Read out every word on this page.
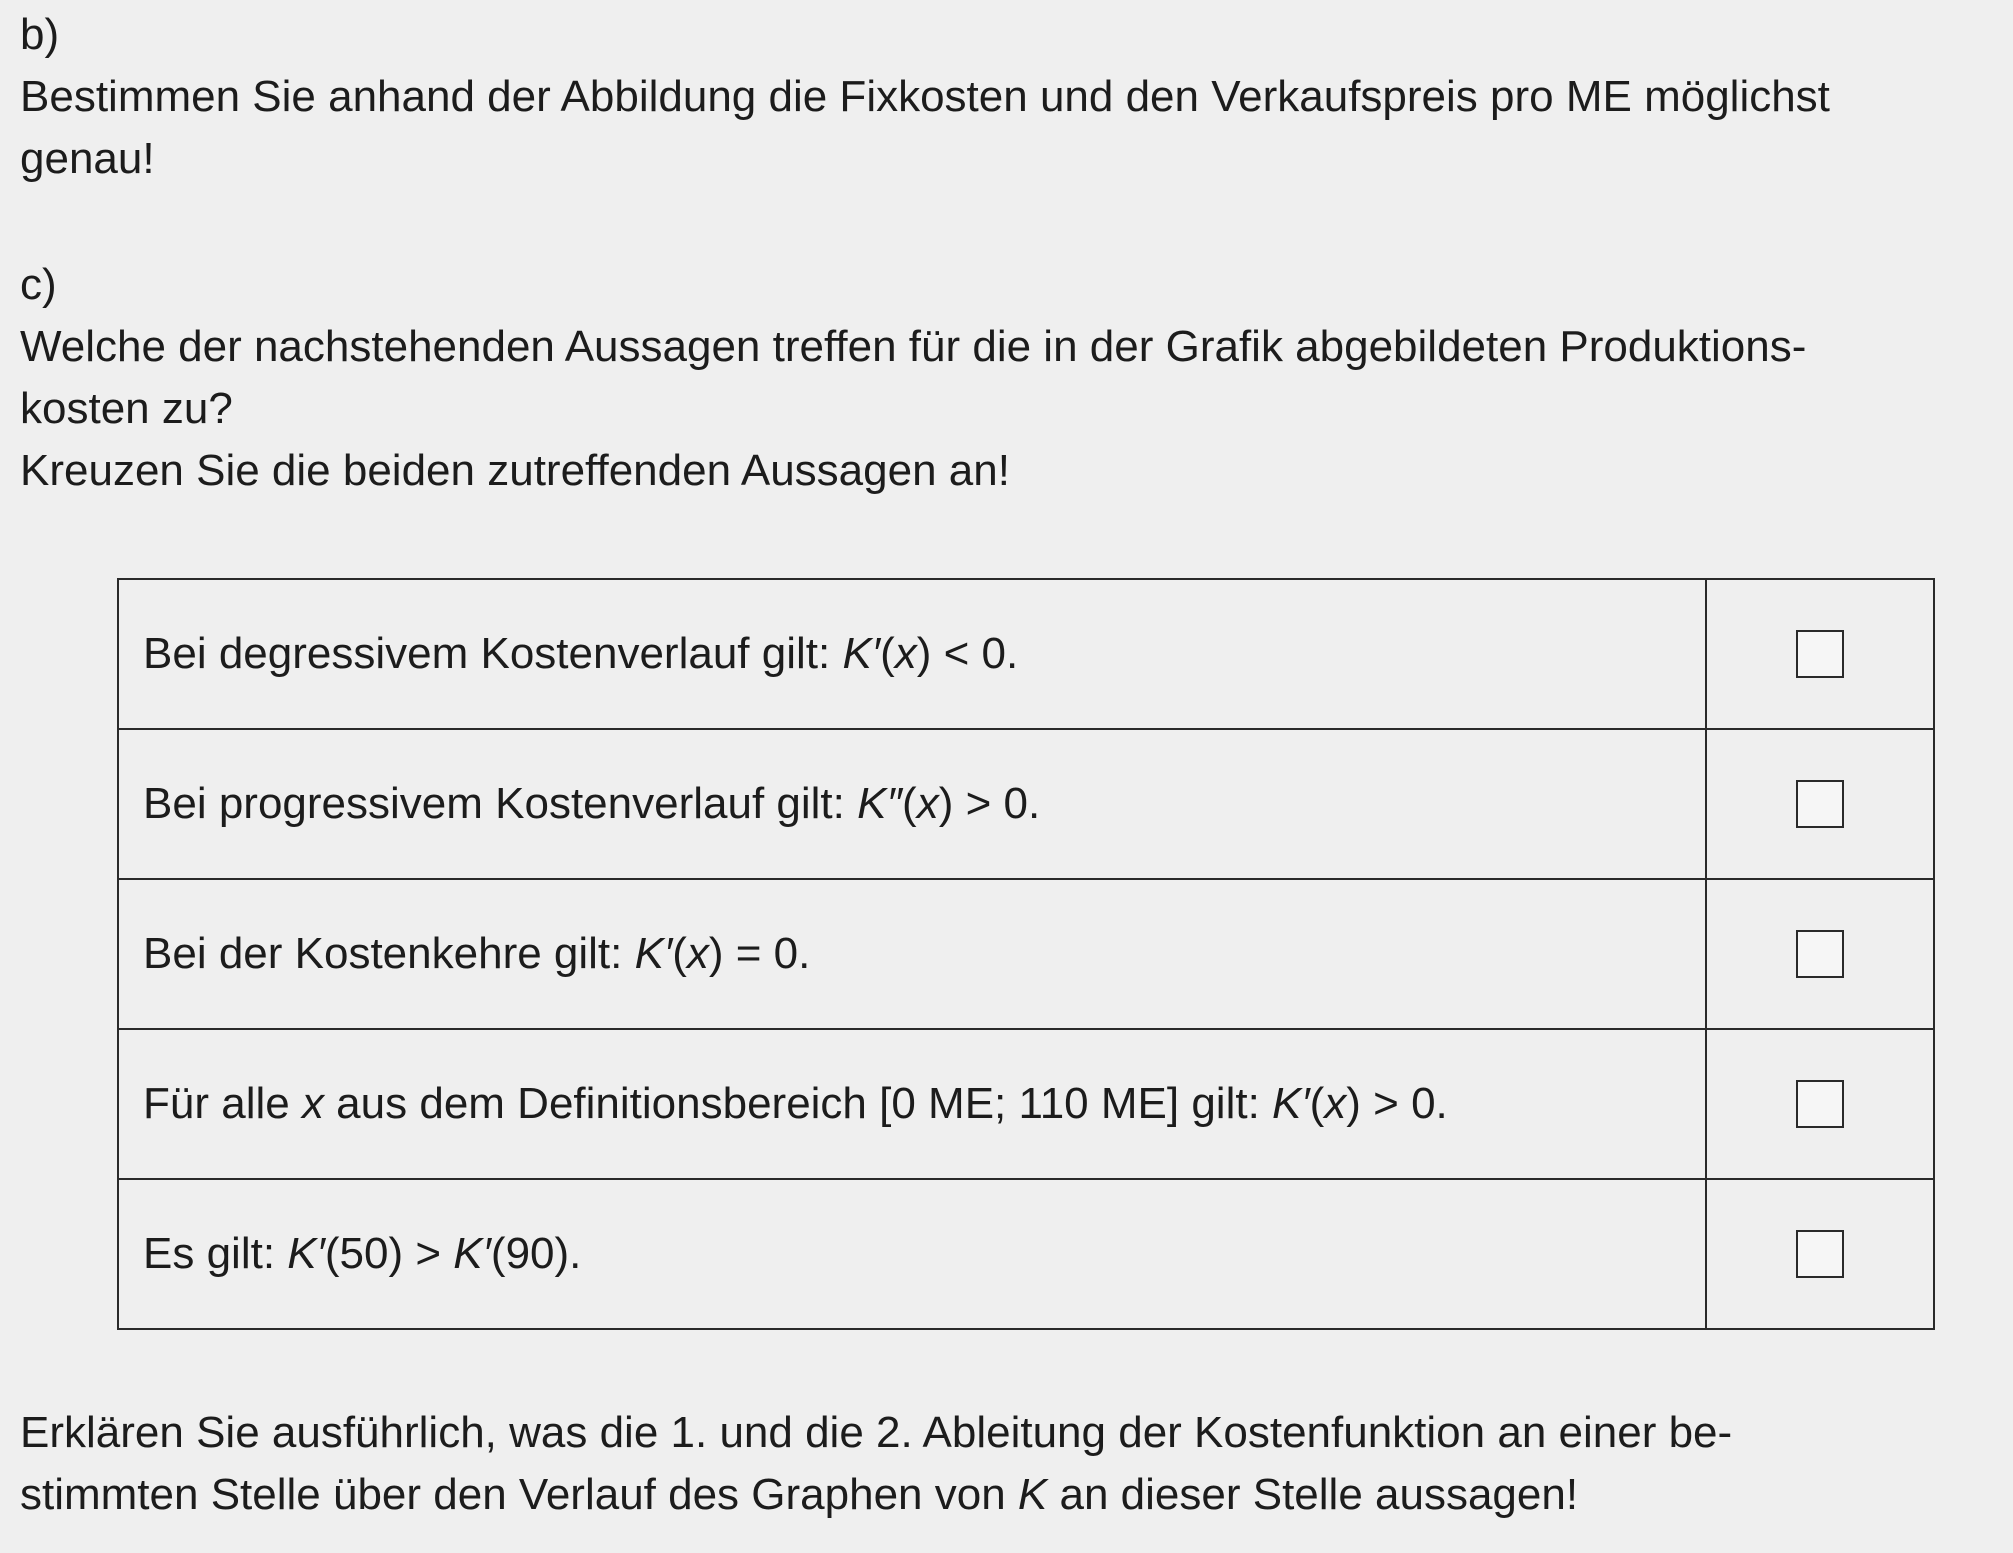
b)
Bestimmen Sie anhand der Abbildung die Fixkosten und den Verkaufspreis pro ME möglichst
genau!
c)
Welche der nachstehenden Aussagen treffen für die in der Grafik abgebildeten Produktions-
kosten zu?
Kreuzen Sie die beiden zutreffenden Aussagen an!
Bei degressivem Kostenverlauf gilt: K′(x) < 0.	
Bei progressivem Kostenverlauf gilt: K″(x) > 0.	
Bei der Kostenkehre gilt: K′(x) = 0.	
Für alle x aus dem Definitionsbereich [0 ME; 110 ME] gilt: K′(x) > 0.	
Es gilt: K′(50) > K′(90).	
Erklären Sie ausführlich, was die 1. und die 2. Ableitung der Kostenfunktion an einer be-
stimmten Stelle über den Verlauf des Graphen von K an dieser Stelle aussagen!
